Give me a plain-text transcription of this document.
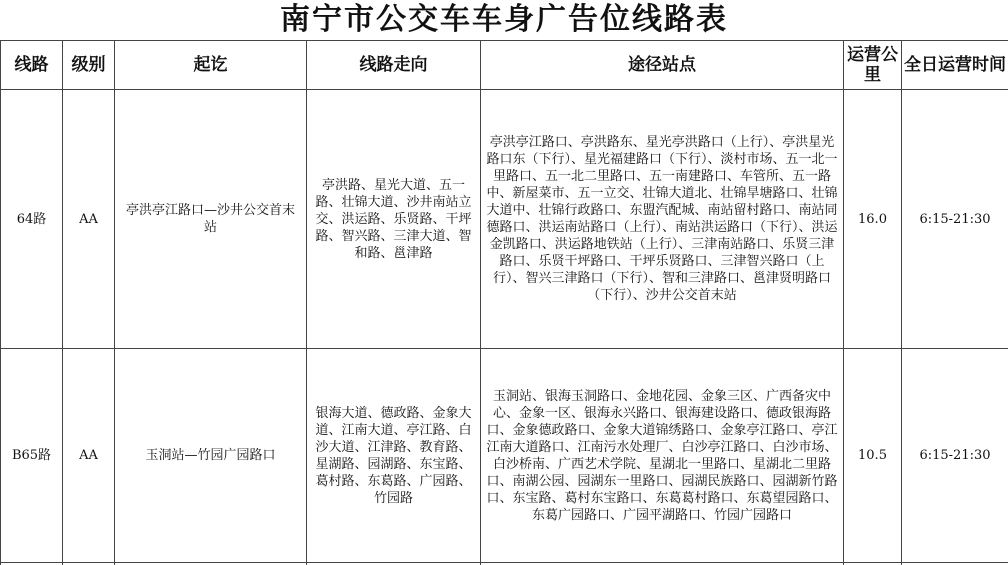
南宁市公交车车身广告位线路表
线路	级别	起讫	线路走向	途径站点	运营公里	全日运营时间
64路	AA	亭洪亭江路口—沙井公交首末站	亭洪路、星光大道、五一路、壮锦大道、沙井南站立交、洪运路、乐贤路、干坪路、智兴路、三津大道、智和路、邕津路	亭洪亭江路口、亭洪路东、星光亭洪路口（上行）、亭洪星光路口东（下行）、星光福建路口（下行）、淡村市场、五一北一里路口、五一北二里路口、五一南建路口、车管所、五一路中、新屋菜市、五一立交、壮锦大道北、壮锦旱塘路口、壮锦大道中、壮锦行政路口、东盟汽配城、南站留村路口、南站同德路口、洪运南站路口（上行）、南站洪运路口（下行）、洪运金凯路口、洪运路地铁站（上行）、三津南站路口、乐贤三津路口、乐贤干坪路口、干坪乐贤路口、三津智兴路口（上行）、智兴三津路口（下行）、智和三津路口、邕津贤明路口（下行）、沙井公交首末站	16.0	6:15-21:30
B65路	AA	玉洞站—竹园广园路口	银海大道、德政路、金象大道、江南大道、亭江路、白沙大道、江津路、教育路、星湖路、园湖路、东宝路、葛村路、东葛路、广园路、竹园路	玉洞站、银海玉洞路口、金地花园、金象三区、广西备灾中心、金象一区、银海永兴路口、银海建设路口、德政银海路口、金象德政路口、金象大道锦绣路口、金象亭江路口、亭江江南大道路口、江南污水处理厂、白沙亭江路口、白沙市场、白沙桥南、广西艺术学院、星湖北一里路口、星湖北二里路口、南湖公园、园湖东一里路口、园湖民族路口、园湖新竹路口、东宝路、葛村东宝路口、东葛葛村路口、东葛望园路口、东葛广园路口、广园平湖路口、竹园广园路口	10.5	6:15-21:30
